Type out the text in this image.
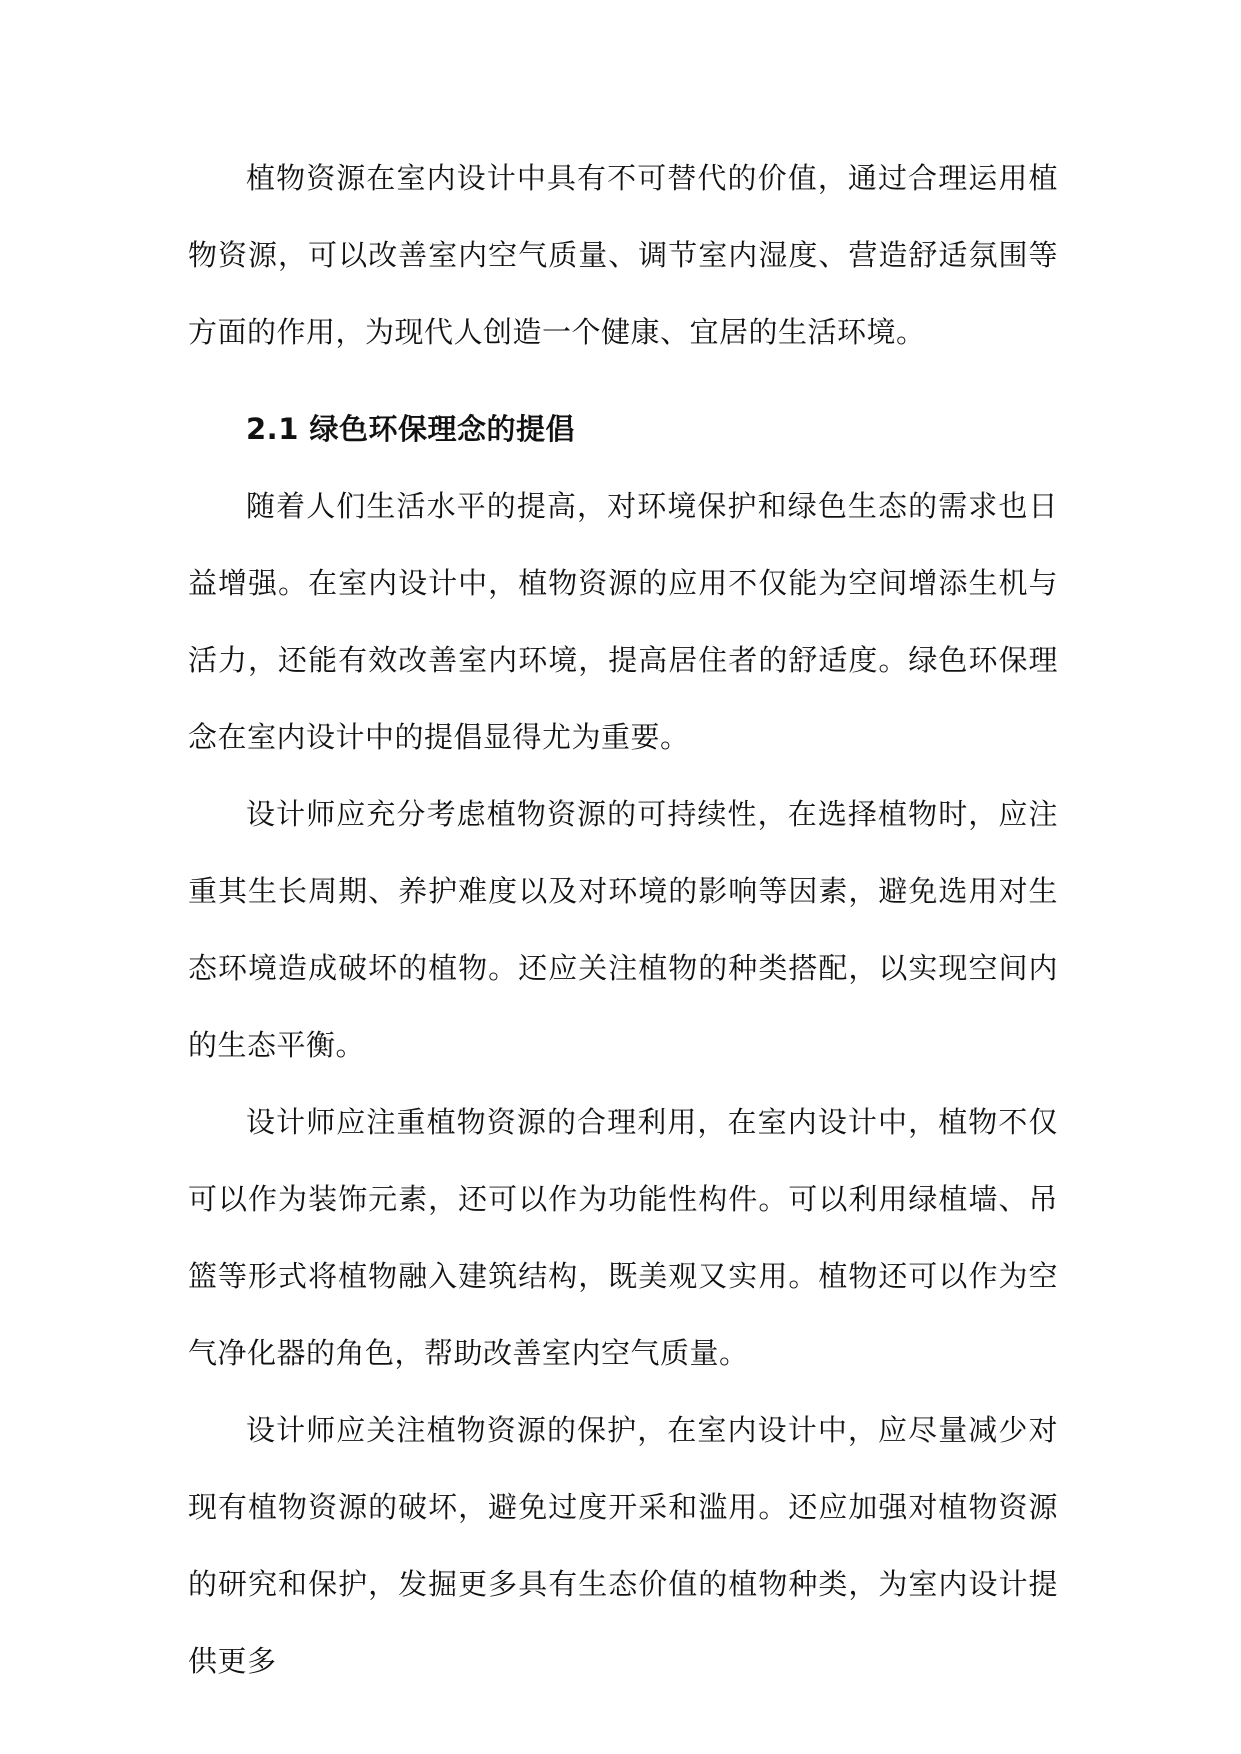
植物资源在室内设计中具有不可替代的价值，通过合理运用植物资源，可以改善室内空气质量、调节室内湿度、营造舒适氛围等方面的作用，为现代人创造一个健康、宜居的生活环境。

2.1 绿色环保理念的提倡

随着人们生活水平的提高，对环境保护和绿色生态的需求也日益增强。在室内设计中，植物资源的应用不仅能为空间增添生机与活力，还能有效改善室内环境，提高居住者的舒适度。绿色环保理念在室内设计中的提倡显得尤为重要。

设计师应充分考虑植物资源的可持续性，在选择植物时，应注重其生长周期、养护难度以及对环境的影响等因素，避免选用对生态环境造成破坏的植物。还应关注植物的种类搭配，以实现空间内的生态平衡。

设计师应注重植物资源的合理利用，在室内设计中，植物不仅可以作为装饰元素，还可以作为功能性构件。可以利用绿植墙、吊篮等形式将植物融入建筑结构，既美观又实用。植物还可以作为空气净化器的角色，帮助改善室内空气质量。

设计师应关注植物资源的保护，在室内设计中，应尽量减少对现有植物资源的破坏，避免过度开采和滥用。还应加强对植物资源的研究和保护，发掘更多具有生态价值的植物种类，为室内设计提供更多
